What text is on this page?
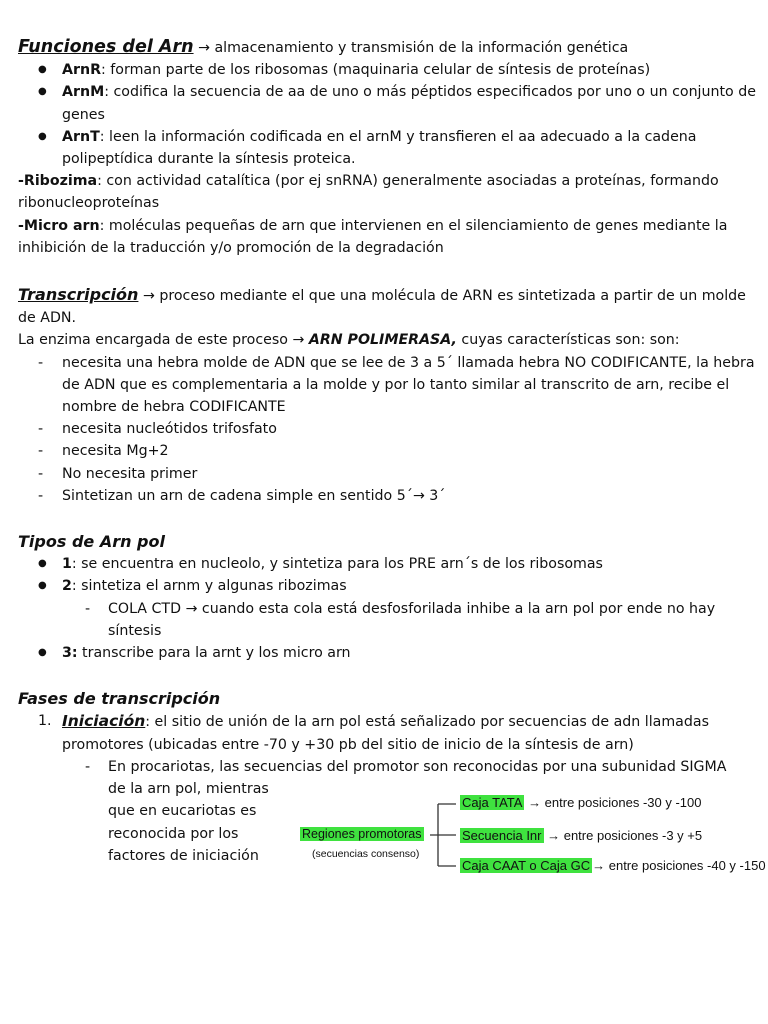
Funciones del Arn → almacenamiento y transmisión de la información genética

● ArnR: forman parte de los ribosomas (maquinaria celular de síntesis de proteínas)
● ArnM: codifica la secuencia de aa de uno o más péptidos especificados por uno o un conjunto de genes
● ArnT: leen la información codificada en el arnM y transfieren el aa adecuado a la cadena polipeptídica durante la síntesis proteica.

-Ribozima: con actividad catalítica (por ej snRNA) generalmente asociadas a proteínas, formando ribonucleoproteínas

-Micro arn: moléculas pequeñas de arn que intervienen en el silenciamiento de genes mediante la inhibición de la traducción y/o promoción de la degradación

Transcripción → proceso mediante el que una molécula de ARN es sintetizada a partir de un molde de ADN.

La enzima encargada de este proceso → ARN POLIMERASA, cuyas características son: son:

- necesita una hebra molde de ADN que se lee de 3 a 5´ llamada hebra NO CODIFICANTE, la hebra de ADN que es complementaria a la molde y por lo tanto similar al transcrito de arn, recibe el nombre de hebra CODIFICANTE
- necesita nucleótidos trifosfato
- necesita Mg+2
- No necesita primer
- Sintetizan un arn de cadena simple en sentido 5´→ 3´

Tipos de Arn pol

● 1: se encuentra en nucleolo, y sintetiza para los PRE arn´s de los ribosomas
● 2: sintetiza el arnm y algunas ribozimas
- COLA CTD → cuando esta cola está desfosforilada inhibe a la arn pol por ende no hay síntesis
● 3: transcribe para la arnt y los micro arn

Fases de transcripción

1. Iniciación: el sitio de unión de la arn pol está señalizado por secuencias de adn llamadas promotores (ubicadas entre -70 y +30 pb del sitio de inicio de la síntesis de arn)
- En procariotas, las secuencias del promotor son reconocidas por una subunidad SIGMA
de la arn pol, mientras
que en eucariotas es
reconocida por los
factores de iniciación
Regiones promotoras
(secuencias consenso)
Caja TATA → entre posiciones -30 y -100
Secuencia Inr → entre posiciones -3 y +5
Caja CAAT o Caja GC → entre posiciones -40 y -150
